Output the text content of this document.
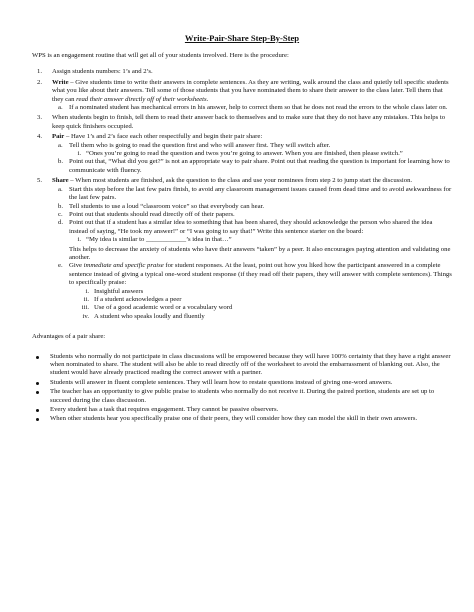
Write-Pair-Share Step-By-Step

WPS is an engagement routine that will get all of your students involved. Here is the procedure:

1. Assign students numbers: 1’s and 2’s.
2. Write – Give students time to write their answers in complete sentences. As they are writing, walk around the class and quietly tell specific students what you like about their answers. Tell some of those students that you have nominated them to share their answer to the class later. Tell them that they can read their answer directly off of their worksheets.
a. If a nominated student has mechanical errors in his answer, help to correct them so that he does not read the errors to the whole class later on.
3. When students begin to finish, tell them to read their answer back to themselves and to make sure that they do not have any mistakes. This helps to keep quick finishers occupied.
4. Pair – Have 1’s and 2’s face each other respectfully and begin their pair share:
a. Tell them who is going to read the question first and who will answer first. They will switch after.
i. “Ones you’re going to read the question and twos you’re going to answer. When you are finished, then please switch.”
b. Point out that, “What did you get?” is not an appropriate way to pair share. Point out that reading the question is important for learning how to communicate with fluency.
5. Share – When most students are finished, ask the question to the class and use your nominees from step 2 to jump start the discussion.
a. Start this step before the last few pairs finish, to avoid any classroom management issues caused from dead time and to avoid awkwardness for the last few pairs.
b. Tell students to use a loud “classroom voice” so that everybody can hear.
c. Point out that students should read directly off of their papers.
d. Point out that if a student has a similar idea to something that has been shared, they should acknowledge the person who shared the idea instead of saying, “He took my answer!” or “I was going to say that!” Write this sentence starter on the board:
i. “My idea is similar to ____________’s idea in that…”

This helps to decrease the anxiety of students who have their answers “taken” by a peer. It also encourages paying attention and validating one another.

e. Give immediate and specific praise for student responses. At the least, point out how you liked how the participant answered in a complete sentence instead of giving a typical one-word student response (if they read off their papers, they will answer with complete sentences). Things to specifically praise:
i. Insightful answers
ii. If a student acknowledges a peer
iii. Use of a good academic word or a vocabulary word
iv. A student who speaks loudly and fluently

Advantages of a pair share:

Students who normally do not participate in class discussions will be empowered because they will have 100% certainty that they have a right answer when nominated to share. The student will also be able to read directly off of the worksheet to avoid the embarrassment of blanking out. Also, the student would have already practiced reading the correct answer with a partner.
Students will answer in fluent complete sentences. They will learn how to restate questions instead of giving one-word answers.
The teacher has an opportunity to give public praise to students who normally do not receive it. During the paired portion, students are set up to succeed during the class discussion.
Every student has a task that requires engagement. They cannot be passive observers.
When other students hear you specifically praise one of their peers, they will consider how they can model the skill in their own answers.
